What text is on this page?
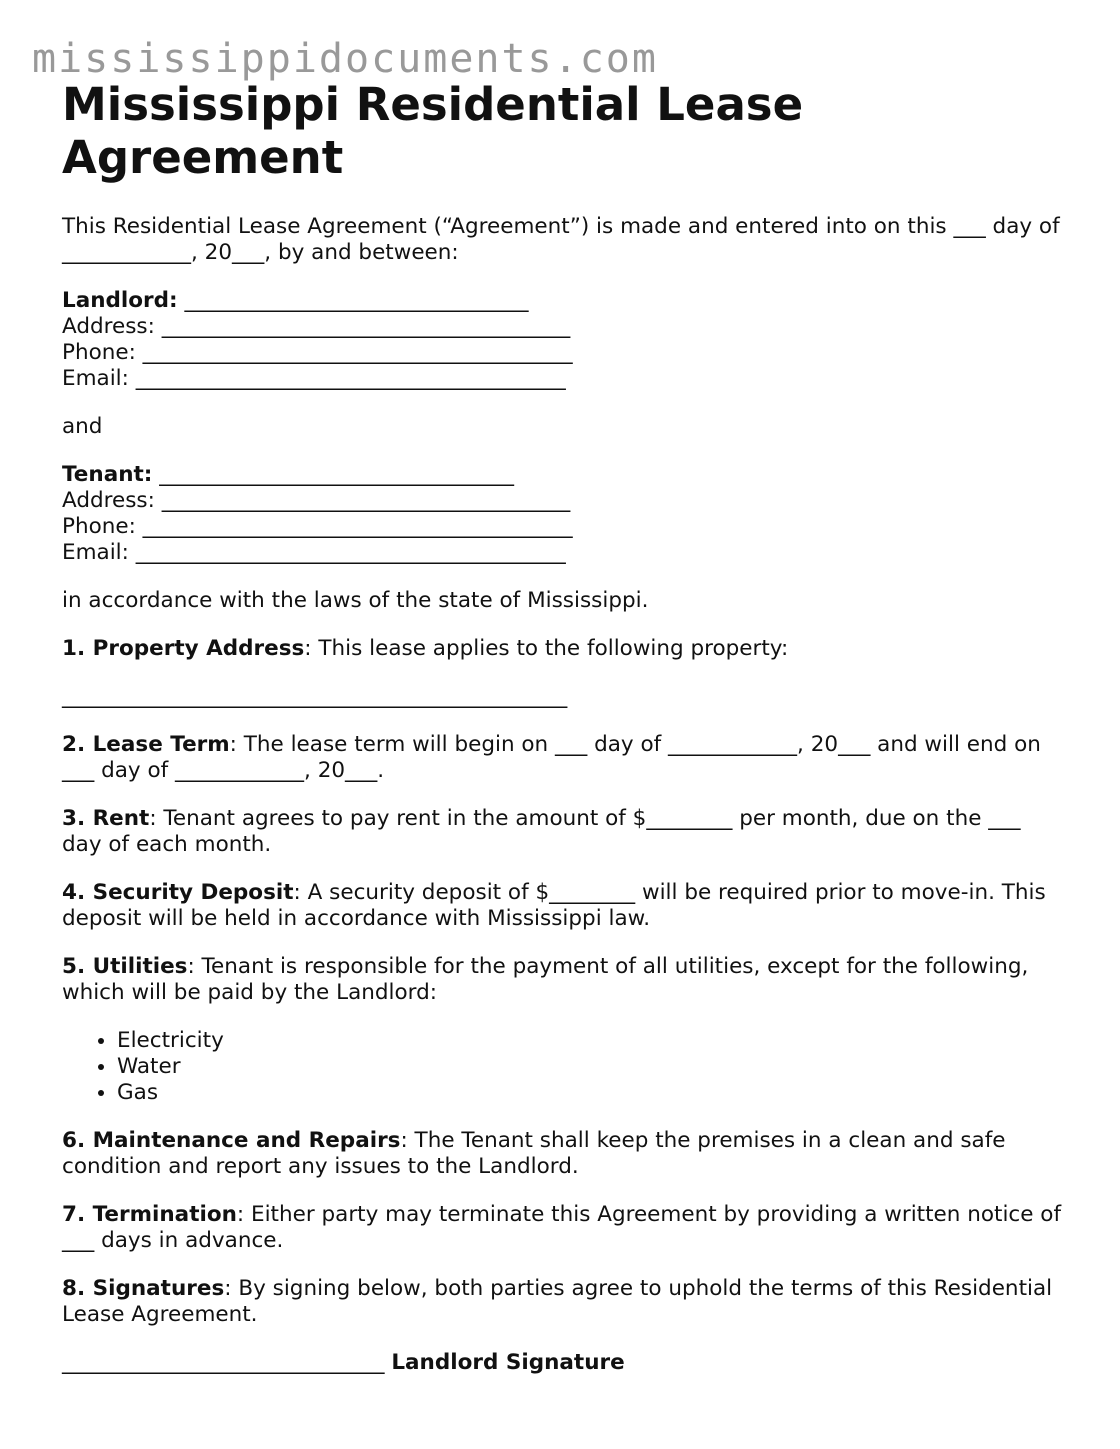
mississippidocuments.com
Mississippi Residential Lease Agreement

This Residential Lease Agreement (“Agreement”) is made and entered into on this ___ day of ____________, 20___, by and between:

Landlord: ________________________________
Address: ______________________________________
Phone: ________________________________________
Email: ________________________________________

and

Tenant: _________________________________
Address: ______________________________________
Phone: ________________________________________
Email: ________________________________________

in accordance with the laws of the state of Mississippi.

1. Property Address: This lease applies to the following property:
_______________________________________________

2. Lease Term: The lease term will begin on ___ day of ____________, 20___ and will end on ___ day of ____________, 20___.

3. Rent: Tenant agrees to pay rent in the amount of $________ per month, due on the ___ day of each month.

4. Security Deposit: A security deposit of $________ will be required prior to move-in. This deposit will be held in accordance with Mississippi law.

5. Utilities: Tenant is responsible for the payment of all utilities, except for the following, which will be paid by the Landlord:

• Electricity
• Water
• Gas

6. Maintenance and Repairs: The Tenant shall keep the premises in a clean and safe condition and report any issues to the Landlord.

7. Termination: Either party may terminate this Agreement by providing a written notice of ___ days in advance.

8. Signatures: By signing below, both parties agree to uphold the terms of this Residential Lease Agreement.

______________________________ Landlord Signature
